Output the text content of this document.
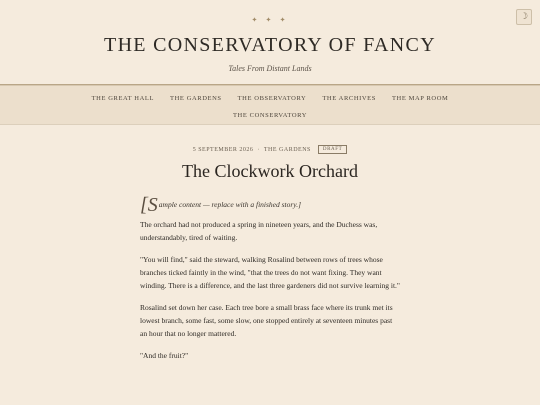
☽
✦ ✦ ✦
THE CONSERVATORY OF FANCY
Tales From Distant Lands
THE GREAT HALL	THE GARDENS	THE OBSERVATORY	THE ARCHIVES	THE MAP ROOM
THE CONSERVATORY
5 SEPTEMBER 2026 · THE GARDENS	DRAFT
The Clockwork Orchard
[S ample content — replace with a finished story.]

The orchard had not produced a spring in nineteen years, and the Duchess was, understandably, tired of waiting.

"You will find," said the steward, walking Rosalind between rows of trees whose branches ticked faintly in the wind, "that the trees do not want fixing. They want winding. There is a difference, and the last three gardeners did not survive learning it."

Rosalind set down her case. Each tree bore a small brass face where its trunk met its lowest branch, some fast, some slow, one stopped entirely at seventeen minutes past an hour that no longer mattered.

"And the fruit?"
